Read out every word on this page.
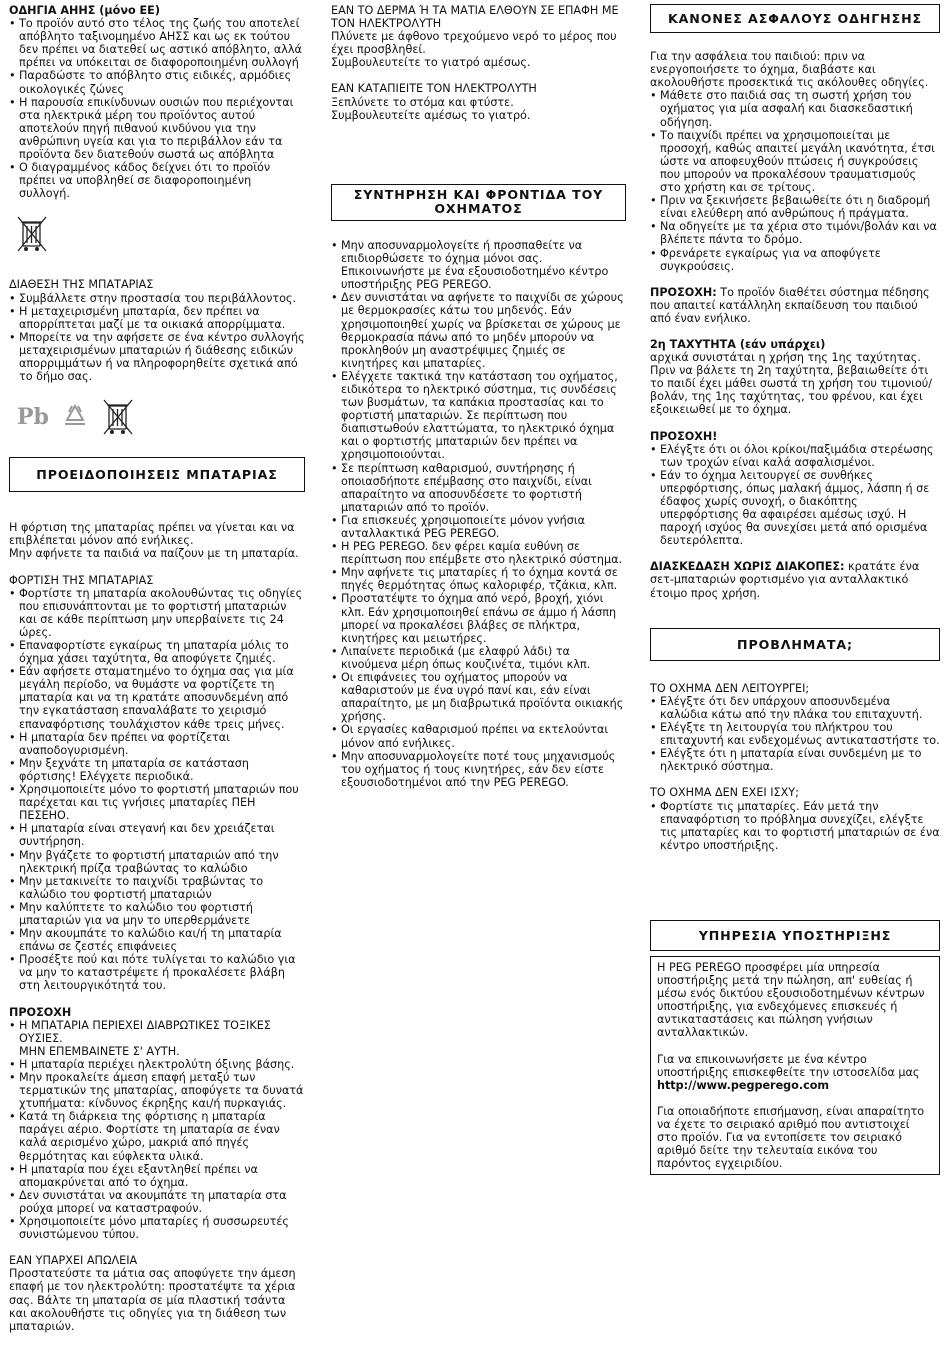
ΟΔΗΓΙΑ ΑΗΗΣ (μόνο ΕΕ)

• Το προϊόν αυτό στο τέλος της ζωής του αποτελεί απόβλητο ταξινομημένο ΑΗΣΣ και ως εκ τούτου δεν πρέπει να διατεθεί ως αστικό απόβλητο, αλλά πρέπει να υπόκειται σε διαφοροποιημένη συλλογή
• Παραδώστε το απόβλητο στις ειδικές, αρμόδιες οικολογικές ζώνες
• Η παρουσία επικίνδυνων ουσιών που περιέχονται στα ηλεκτρικά μέρη του προϊόντος αυτού αποτελούν πηγή πιθανού κινδύνου για την ανθρώπινη υγεία και για το περιβάλλον εάν τα προϊόντα δεν διατεθούν σωστά ως απόβλητα
• Ο διαγραμμένος κάδος δείχνει ότι το προϊόν πρέπει να υποβληθεί σε διαφοροποιημένη συλλογή.

ΔΙΑΘΕΣΗ ΤΗΣ ΜΠΑΤΑΡΙΑΣ

• Συμβάλλετε στην προστασία του περιβάλλοντος.
• Η μεταχειρισμένη μπαταρία, δεν πρέπει να απορρίπτεται μαζί με τα οικιακά απορρίμματα.
• Μπορείτε να την αφήσετε σε ένα κέντρο συλλογής μεταχειρισμένων μπαταριών ή διάθεσης ειδικών απορριμμάτων ή να πληροφορηθείτε σχετικά από το δήμο σας.
Pb
ΠΡΟΕΙΔΟΠΟΙΗΣΕΙΣ ΜΠΑΤΑΡΙΑΣ

Η φόρτιση της μπαταρίας πρέπει να γίνεται και να επιβλέπεται μόνον από ενήλικες.

Μην αφήνετε τα παιδιά να παίζουν με τη μπαταρία.

ΦΟΡΤΙΣΗ ΤΗΣ ΜΠΑΤΑΡΙΑΣ

• Φορτίστε τη μπαταρία ακολουθώντας τις οδηγίες που επισυνάπτονται με το φορτιστή μπαταριών και σε κάθε περίπτωση μην υπερβαίνετε τις 24 ώρες.
• Επαναφορτίστε εγκαίρως τη μπαταρία μόλις το όχημα χάσει ταχύτητα, θα αποφύγετε ζημιές.
• Εάν αφήσετε σταματημένο το όχημα σας για μία μεγάλη περίοδο, να θυμάστε να φορτίζετε τη μπαταρία και να τη κρατάτε αποσυνδεμένη από την εγκατάσταση επαναλάβατε το χειρισμό επαναφόρτισης τουλάχιστον κάθε τρεις μήνες.
• Η μπαταρία δεν πρέπει να φορτίζεται αναποδογυρισμένη.
• Μην ξεχνάτε τη μπαταρία σε κατάσταση φόρτισης! Ελέγχετε περιοδικά.
• Χρησιμοποιείτε μόνο το φορτιστή μπαταριών που παρέχεται και τις γνήσιες μπαταρίες ΠΕΗ ΠΕΣΕΗΟ.
• Η μπαταρία είναι στεγανή και δεν χρειάζεται συντήρηση.
• Μην βγάζετε το φορτιστή μπαταριών από την ηλεκτρική πρίζα τραβώντας το καλώδιο
• Μην μετακινείτε το παιχνίδι τραβώντας το καλώδιο του φορτιστή μπαταριών
• Μην καλύπτετε το καλώδιο του φορτιστή μπαταριών για να μην το υπερθερμάνετε
• Μην ακουμπάτε το καλώδιο και/ή τη μπαταρία επάνω σε ζεστές επιφάνειες
• Προσέξτε πού και πότε τυλίγεται το καλώδιο για να μην το καταστρέψετε ή προκαλέσετε βλάβη στη λειτουργικότητά του.

ΠΡΟΣΟΧΗ

• Η ΜΠΑΤΑΡΙΑ ΠΕΡΙΕΧΕΙ ΔΙΑΒΡΩΤΙΚΕΣ ΤΟΞΙΚΕΣ ΟΥΣΙΕΣ.
ΜΗΝ ΕΠΕΜΒΑΙΝΕΤΕ Σ' ΑΥΤΗ.
• Η μπαταρία περιέχει ηλεκτρολύτη όξινης βάσης.
• Μην προκαλείτε άμεση επαφή μεταξύ των τερματικών της μπαταρίας, αποφύγετε τα δυνατά χτυπήματα: κίνδυνος έκρηξης και/ή πυρκαγιάς.
• Κατά τη διάρκεια της φόρτισης η μπαταρία παράγει αέριο. Φορτίστε τη μπαταρία σε έναν καλά αερισμένο χώρο, μακριά από πηγές θερμότητας και εύφλεκτα υλικά.
• Η μπαταρία που έχει εξαντληθεί πρέπει να απομακρύνεται από το όχημα.
• Δεν συνιστάται να ακουμπάτε τη μπαταρία στα ρούχα μπορεί να καταστραφούν.
• Χρησιμοποιείτε μόνο μπαταρίες ή συσσωρευτές συνιστώμενου τύπου.

ΕΑΝ ΥΠΑΡΧΕΙ ΑΠΩΛΕΙΑ

Προστατεύστε τα μάτια σας αποφύγετε την άμεση επαφή με τον ηλεκτρολύτη: προστατέψτε τα χέρια σας. Βάλτε τη μπαταρία σε μία πλαστική τσάντα και ακολουθήστε τις οδηγίες για τη διάθεση των μπαταριών.

ΕΑΝ ΤΟ ΔΕΡΜΑ Ή ΤΑ ΜΑΤΙΑ ΕΛΘΟΥΝ ΣΕ ΕΠΑΦΗ ΜΕ ΤΟΝ ΗΛΕΚΤΡΟΛΥΤΗ

Πλύνετε με άφθονο τρεχούμενο νερό το μέρος που έχει προσβληθεί.

Συμβουλευτείτε το γιατρό αμέσως.

ΕΑΝ ΚΑΤΑΠΙΕΙΤΕ ΤΟΝ ΗΛΕΚΤΡΟΛΥΤΗ

Ξεπλύνετε το στόμα και φτύστε.

Συμβουλευτείτε αμέσως το γιατρό.

ΣΥΝΤΗΡΗΣΗ ΚΑΙ ΦΡΟΝΤΙΔΑ ΤΟΥ ΟΧΗΜΑΤΟΣ
• Μην αποσυναρμολογείτε ή προσπαθείτε να επιδιορθώσετε το όχημα μόνοι σας. Επικοινωνήστε με ένα εξουσιοδοτημένο κέντρο υποστήριξης PEG PEREGO.
• Δεν συνιστάται να αφήνετε το παιχνίδι σε χώρους με θερμοκρασίες κάτω του μηδενός. Εάν χρησιμοποιηθεί χωρίς να βρίσκεται σε χώρους με θερμοκρασία πάνω από το μηδέν μπορούν να προκληθούν μη αναστρέψιμες ζημιές σε κινητήρες και μπαταρίες.
• Ελέγχετε τακτικά την κατάσταση του οχήματος, ειδικότερα το ηλεκτρικό σύστημα, τις συνδέσεις των βυσμάτων, τα καπάκια προστασίας και το φορτιστή μπαταριών. Σε περίπτωση που διαπιστωθούν ελαττώματα, το ηλεκτρικό όχημα και ο φορτιστής μπαταριών δεν πρέπει να χρησιμοποιούνται.
• Σε περίπτωση καθαρισμού, συντήρησης ή οποιασδήποτε επέμβασης στο παιχνίδι, είναι απαραίτητο να αποσυνδέσετε το φορτιστή μπαταριών από το προϊόν.
• Για επισκευές χρησιμοποιείτε μόνον γνήσια ανταλλακτικά PEG PEREGO.
• Η PEG PEREGO. δεν φέρει καμία ευθύνη σε περίπτωση που επέμβετε στο ηλεκτρικό σύστημα.
• Μην αφήνετε τις μπαταρίες ή το όχημα κοντά σε πηγές θερμότητας όπως καλοριφέρ, τζάκια, κλπ.
• Προστατέψτε το όχημα από νερό, βροχή, χιόνι κλπ. Εάν χρησιμοποιηθεί επάνω σε άμμο ή λάσπη μπορεί να προκαλέσει βλάβες σε πλήκτρα, κινητήρες και μειωτήρες.
• Λιπαίνετε περιοδικά (με ελαφρύ λάδι) τα κινούμενα μέρη όπως κουζινέτα, τιμόνι κλπ.
• Οι επιφάνειες του οχήματος μπορούν να καθαριστούν με ένα υγρό πανί και, εάν είναι απαραίτητο, με μη διαβρωτικά προϊόντα οικιακής χρήσης.
• Οι εργασίες καθαρισμού πρέπει να εκτελούνται μόνον από ενήλικες.
• Μην αποσυναρμολογείτε ποτέ τους μηχανισμούς του οχήματος ή τους κινητήρες, εάν δεν είστε εξουσιοδοτημένοι από την PEG PEREGO.
ΚΑΝΟΝΕΣ ΑΣΦΑΛΟΥΣ ΟΔΗΓΗΣΗΣ

Για την ασφάλεια του παιδιού: πριν να ενεργοποιήσετε το όχημα, διαβάστε και ακολουθήστε προσεκτικά τις ακόλουθες οδηγίες.

• Μάθετε στο παιδιά σας τη σωστή χρήση του οχήματος για μία ασφαλή και διασκεδαστική οδήγηση.
• Το παιχνίδι πρέπει να χρησιμοποιείται με προσοχή, καθώς απαιτεί μεγάλη ικανότητα, έτσι ώστε να αποφευχθούν πτώσεις ή συγκρούσεις που μπορούν να προκαλέσουν τραυματισμούς στο χρήστη και σε τρίτους.
• Πριν να ξεκινήσετε βεβαιωθείτε ότι η διαδρομή είναι ελεύθερη από ανθρώπους ή πράγματα.
• Να οδηγείτε με τα χέρια στο τιμόνι/βολάν και να βλέπετε πάντα το δρόμο.
• Φρενάρετε εγκαίρως για να αποφύγετε συγκρούσεις.

ΠΡΟΣΟΧΗ: Το προϊόν διαθέτει σύστημα πέδησης που απαιτεί κατάλληλη εκπαίδευση του παιδιού από έναν ενήλικο.

2η ΤΑΧΥΤΗΤΑ (εάν υπάρχει)

αρχικά συνιστάται η χρήση της 1ης ταχύτητας.

Πριν να βάλετε τη 2η ταχύτητα, βεβαιωθείτε ότι το παιδί έχει μάθει σωστά τη χρήση του τιμονιού/βολάν, της 1ης ταχύτητας, του φρένου, και έχει εξοικειωθεί με το όχημα.

ΠΡΟΣΟΧΗ!

• Ελέγξτε ότι οι όλοι κρίκοι/παξιμάδια στερέωσης των τροχών είναι καλά ασφαλισμένοι.
• Εάν το όχημα λειτουργεί σε συνθήκες υπερφόρτισης, όπως μαλακή άμμος, λάσπη ή σε έδαφος χωρίς συνοχή, ο διακόπτης υπερφόρτισης θα αφαιρέσει αμέσως ισχύ. Η παροχή ισχύος θα συνεχίσει μετά από ορισμένα δευτερόλεπτα.

ΔΙΑΣΚΕΔΑΣΗ ΧΩΡΙΣ ΔΙΑΚΟΠΕΣ: κρατάτε ένα σετ-μπαταριών φορτισμένο για ανταλλακτικό έτοιμο προς χρήση.

ΠΡΟΒΛΗΜΑΤΑ;

ΤΟ ΟΧΗΜΑ ΔΕΝ ΛΕΙΤΟΥΡΓΕΙ;

• Ελέγξτε ότι δεν υπάρχουν αποσυνδεμένα καλώδια κάτω από την πλάκα του επιταχυντή.
• Ελέγξτε τη λειτουργία του πλήκτρου του επιταχυντή και ενδεχομένως αντικαταστήστε το.
• Ελέγξτε ότι η μπαταρία είναι συνδεμένη με το ηλεκτρικό σύστημα.

ΤΟ ΟΧΗΜΑ ΔΕΝ ΕΧΕΙ ΙΣΧΥ;

• Φορτίστε τις μπαταρίες. Εάν μετά την επαναφόρτιση το πρόβλημα συνεχίζει, ελέγξτε τις μπαταρίες και το φορτιστή μπαταριών σε ένα κέντρο υποστήριξης.
ΥΠΗΡΕΣΙΑ ΥΠΟΣΤΗΡΙΞΗΣ

Η PEG PEREGO προσφέρει μία υπηρεσία υποστήριξης μετά την πώληση, απ' ευθείας ή μέσω ενός δικτύου εξουσιοδοτημένων κέντρων υποστήριξης, για ενδεχόμενες επισκευές ή αντικαταστάσεις και πώληση γνήσιων ανταλλακτικών.

Για να επικοινωνήσετε με ένα κέντρο υποστήριξης επισκεφθείτε την ιστοσελίδα μας

http://www.pegperego.com

Για οποιαδήποτε επισήμανση, είναι απαραίτητο να έχετε το σειριακό αριθμό που αντιστοιχεί στο προϊόν. Για να εντοπίσετε τον σειριακό αριθμό δείτε την τελευταία εικόνα του παρόντος εγχειριδίου.
